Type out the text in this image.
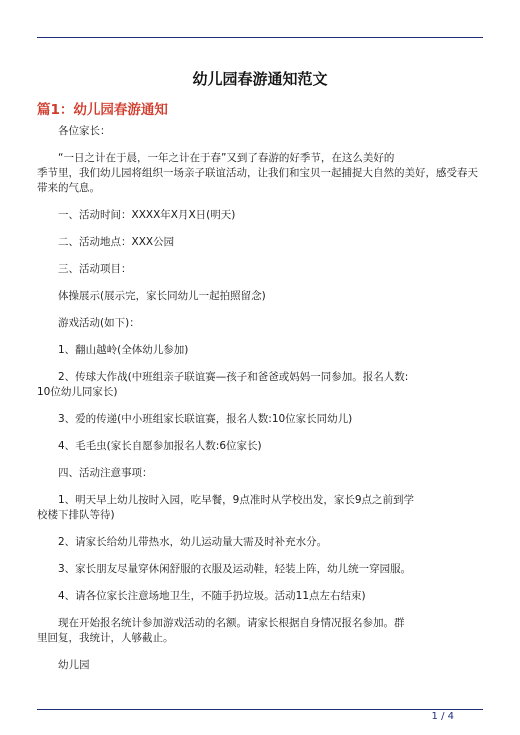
幼儿园春游通知范文
篇1：幼儿园春游通知

各位家长：

“一日之计在于晨，一年之计在于春”又到了春游的好季节，在这么美好的

季节里，我们幼儿园将组织一场亲子联谊活动，让我们和宝贝一起捕捉大自然的美好，感受春天带来的气息。

一、活动时间：XXXX年X月X日(明天)

二、活动地点：XXX公园

三、活动项目：

体操展示(展示完，家长同幼儿一起拍照留念)

游戏活动(如下)：

1、翻山越岭(全体幼儿参加)

2、传球大作战(中班组亲子联谊赛—孩子和爸爸或妈妈一同参加。报名人数:

10位幼儿同家长)

3、爱的传递(中小班组家长联谊赛，报名人数:10位家长同幼儿)

4、毛毛虫(家长自愿参加报名人数:6位家长)

四、活动注意事项：

1、明天早上幼儿按时入园，吃早餐，9点准时从学校出发，家长9点之前到学

校楼下排队等待)

2、请家长给幼儿带热水，幼儿运动量大需及时补充水分。

3、家长朋友尽量穿休闲舒服的衣服及运动鞋，轻装上阵，幼儿统一穿园服。

4、请各位家长注意场地卫生，不随手扔垃圾。活动11点左右结束)

现在开始报名统计参加游戏活动的名额。请家长根据自身情况报名参加。群

里回复，我统计，人够截止。

幼儿园

1 / 4
